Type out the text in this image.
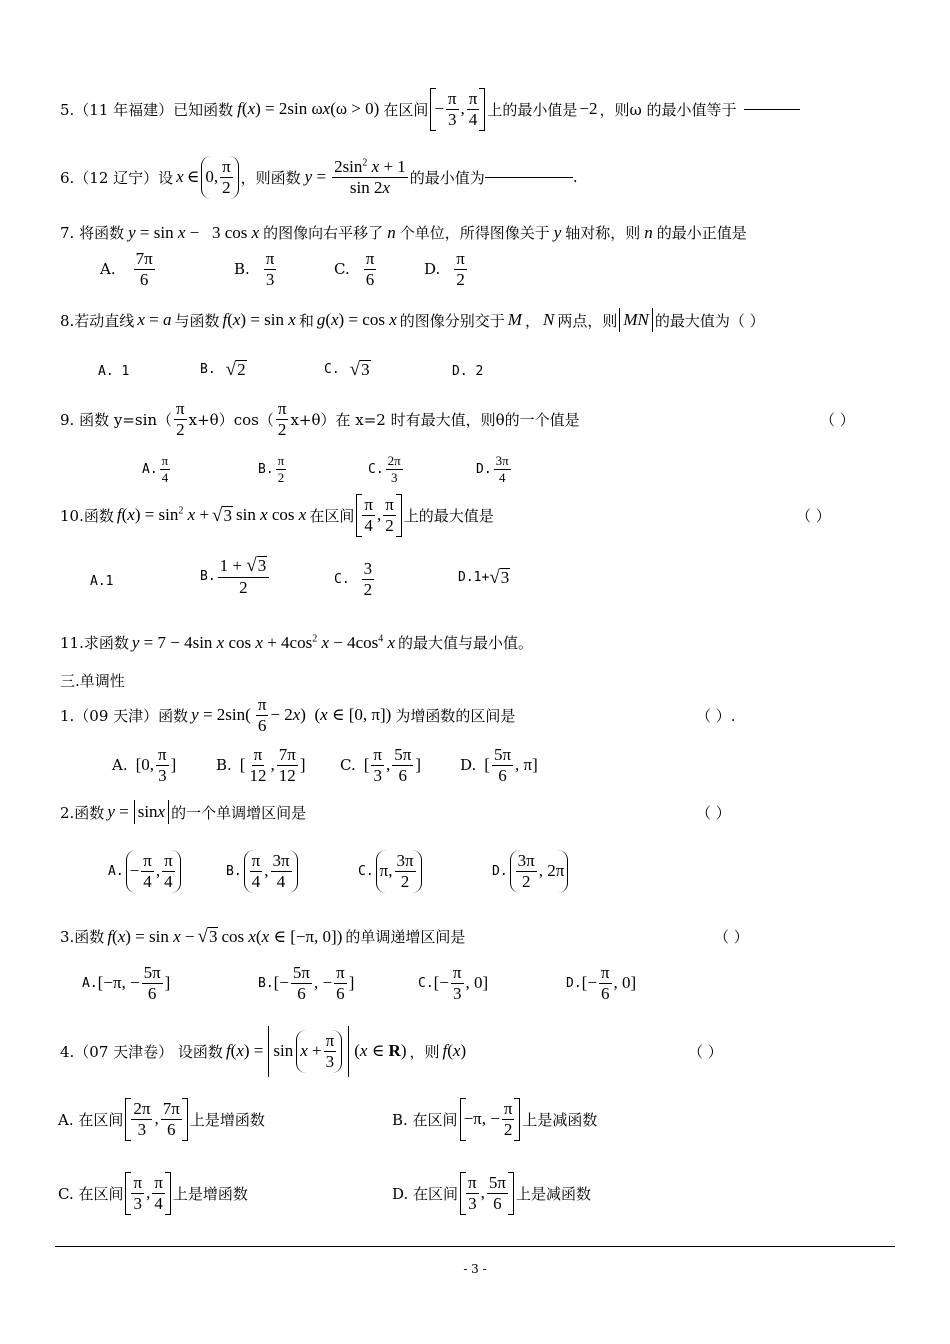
5.（11 年福建）已知函数 f(x) = 2sin ωx(ω > 0) 在区间 − $\frac{\pi}{3}$ , $\frac{\pi}{4}$ 上的最小值是 −2 ，则ω 的最小值等于
6.（12 辽宁）设 x ∈ 0, $\frac{\pi}{2}$ ，则函数 $y = \frac{2\sin^2 x + 1}{\sin 2x}$ 的最小值为	.
7. 将函数 y = sin x −   3 cos x 的图像向右平移了 n 个单位，所得图像关于 y 轴对称，则 n 的最小正值是
A. $\frac{7\pi}{6}$	B. $\frac{\pi}{3}$	C. $\frac{\pi}{6}$	D. $\frac{\pi}{2}$
8.若动直线 x = a 与函数 f(x) = sin x 和 g(x) = cos x 的图像分别交于 M ， N 两点，则 MN 的最大值为（ ）
A. 1	B. √ 2	C. √ 3	D. 2
9. 函数 $y=\sin( \frac{\pi}{2} x+\theta)\cos( \frac{\pi}{2} x+\theta)$在 x=2 时有最大值，则θ的一个值是	（ ）
A. $\frac{\pi}{4}$	B. $\frac{\pi}{2}$	C. $\frac{2\pi}{3}$	D. $\frac{3\pi}{4}$
10.函数 $f(x) = \sin^2 x$ + √ 3 sin x cos x 在区间 $\frac{\pi}{4}$ , $\frac{\pi}{2}$ 上的最大值是	（ ）
A.1	B. $\frac{1 + √ 3}{2}$	C. $\frac{3}{2}$	D.1+ √ 3
11.求函数 y = 7 − 4sin x $\cos x + 4\cos^2$ $x - 4\cos^4$ x 的最大值与最小值。
三.单调性
1.（09 天津）函数 $y = 2\sin( \frac{\pi}{6} - 2x)$  (x ∈ [0, π]) 为增函数的区间是	（ ）.
A. [0, $\frac{\pi}{3}$ ]	B. [ $\frac{\pi}{12}$ , $\frac{7\pi}{12}$ ] C. [ $\frac{\pi}{3}$ , $\frac{5\pi}{6}$ ]	D. [ $\frac{5\pi}{6}$ , π]
2.函数 y = sin x 的一个单调增区间是	（ ）
A. − $\frac{\pi}{4}$ , $\frac{\pi}{4}$	B. $\frac{\pi}{4}$ , $\frac{3\pi}{4}$	C. π, $\frac{3\pi}{2}$	D. $\frac{3\pi}{2}$ , 2π
3.函数 f(x) = sin x − √ 3 cos x(x ∈ [−π, 0]) 的单调递增区间是	（ ）
A. [−π, − $\frac{5\pi}{6}$ ]	B. [− $\frac{5\pi}{6}$ , − $\frac{\pi}{6}$ ]	C. [− $\frac{\pi}{3}$ , 0]	D. [− $\frac{\pi}{6}$ , 0]
4.（07 天津卷） 设函数 $f(x) = \sin x + \frac{\pi}{3} (x$ ∈ R) ，则 f(x)	（ ）
A. 在区间 $\frac{2\pi}{3}$ , $\frac{7\pi}{6}$ 上是增函数	B. 在区间 −π, − $\frac{\pi}{2}$ 上是减函数
C. 在区间 $\frac{\pi}{3}$ , $\frac{\pi}{4}$ 上是增函数	D. 在区间 $\frac{\pi}{3}$ , $\frac{5\pi}{6}$ 上是减函数
- 3 -
